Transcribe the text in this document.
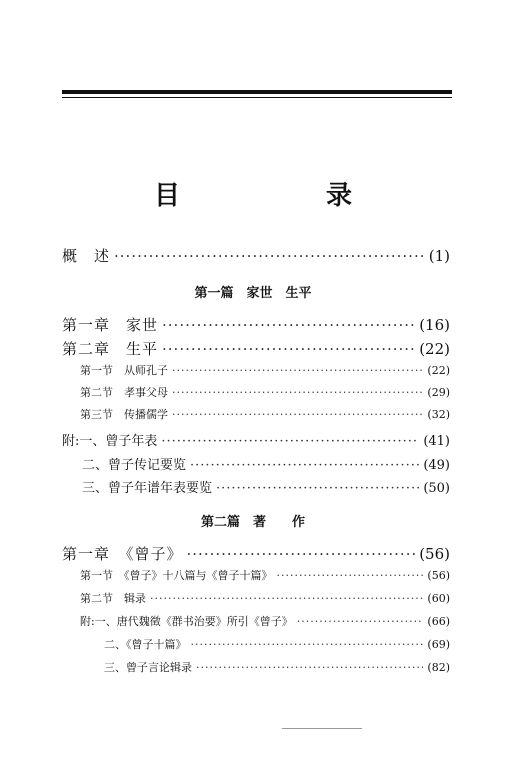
目　录
概　述 ·····	(1)
第一篇　家世　生平
第一章　家世 ·····	(16)
第二章　生平 ·····	(22)
第一节　从师孔子 ·····	(22)
第二节　孝事父母 ·····	(29)
第三节　传播儒学 ·····	(32)
附:一、曾子年表 ·····	(41)
二、曾子传记要览 ·····	(49)
三、曾子年谱年表要览 ·····	(50)
第二篇　著　　作
第一章　《曾子》 ·····	(56)
第一节　《曾子》十八篇与《曾子十篇》 ·····	(56)
第二节　辑录 ·····	(60)
附:一、唐代魏徵《群书治要》所引《曾子》 ·····	(66)
二、《曾子十篇》 ·····	(69)
三、曾子言论辑录 ·····	(82)
